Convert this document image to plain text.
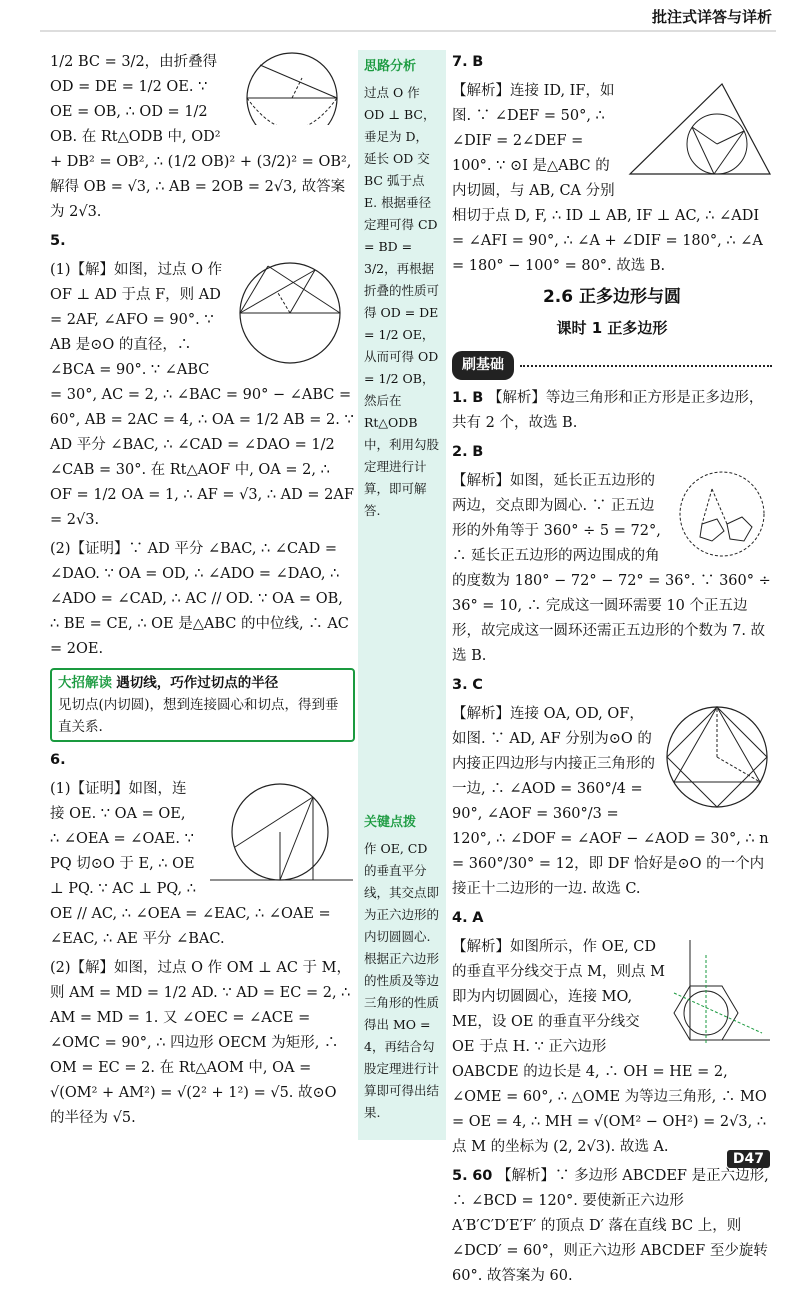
批注式详答与详析

1/2 BC = 3/2，由折叠得 OD = DE = 1/2 OE. ∵ OE = OB, ∴ OD = 1/2 OB. 在 Rt△ODB 中, OD² + DB² = OB², ∴ (1/2 OB)² + (3/2)² = OB², 解得 OB = √3, ∴ AB = 2OB = 2√3, 故答案为 2√3.

5.

(1)【解】如图，过点 O 作 OF ⊥ AD 于点 F，则 AD = 2AF, ∠AFO = 90°. ∵ AB 是⊙O 的直径，∴ ∠BCA = 90°. ∵ ∠ABC = 30°, AC = 2, ∴ ∠BAC = 90° − ∠ABC = 60°, AB = 2AC = 4, ∴ OA = 1/2 AB = 2. ∵ AD 平分 ∠BAC, ∴ ∠CAD = ∠DAO = 1/2 ∠CAB = 30°. 在 Rt△AOF 中, OA = 2, ∴ OF = 1/2 OA = 1, ∴ AF = √3, ∴ AD = 2AF = 2√3.

(2)【证明】∵ AD 平分 ∠BAC, ∴ ∠CAD = ∠DAO. ∵ OA = OD, ∴ ∠ADO = ∠DAO, ∴ ∠ADO = ∠CAD, ∴ AC // OD. ∵ OA = OB, ∴ BE = CE, ∴ OE 是△ABC 的中位线, ∴ AC = 2OE.

大招解读 遇切线，巧作过切点的半径
见切点(内切圆)，想到连接圆心和切点，得到垂直关系.

6.

(1)【证明】如图，连接 OE. ∵ OA = OE, ∴ ∠OEA = ∠OAE. ∵ PQ 切⊙O 于 E, ∴ OE ⊥ PQ. ∵ AC ⊥ PQ, ∴ OE // AC, ∴ ∠OEA = ∠EAC, ∴ ∠OAE = ∠EAC, ∴ AE 平分 ∠BAC.

(2)【解】如图，过点 O 作 OM ⊥ AC 于 M，则 AM = MD = 1/2 AD. ∵ AD = EC = 2, ∴ AM = MD = 1. 又 ∠OEC = ∠ACE = ∠OMC = 90°, ∴ 四边形 OECM 为矩形, ∴ OM = EC = 2. 在 Rt△AOM 中, OA = √(OM² + AM²) = √(2² + 1²) = √5. 故⊙O 的半径为 √5.

思路分析
过点 O 作 OD ⊥ BC，垂足为 D，延长 OD 交 BC 弧于点 E. 根据垂径定理可得 CD = BD = 3/2，再根据折叠的性质可得 OD = DE = 1/2 OE，从而可得 OD = 1/2 OB，然后在 Rt△ODB 中，利用勾股定理进行计算，即可解答.
关键点拨
作 OE, CD 的垂直平分线，其交点即为正六边形的内切圆圆心. 根据正六边形的性质及等边三角形的性质得出 MO = 4，再结合勾股定理进行计算即可得出结果.

7. B

【解析】连接 ID, IF，如图. ∵ ∠DEF = 50°, ∴ ∠DIF = 2∠DEF = 100°. ∵ ⊙I 是△ABC 的内切圆，与 AB, CA 分别相切于点 D, F, ∴ ID ⊥ AB, IF ⊥ AC, ∴ ∠ADI = ∠AFI = 90°, ∴ ∠A + ∠DIF = 180°, ∴ ∠A = 180° − 100° = 80°. 故选 B.

2.6 正多边形与圆
课时 1 正多边形
刷基础

1. B 【解析】等边三角形和正方形是正多边形，共有 2 个，故选 B.

2. B

【解析】如图，延长正五边形的两边，交点即为圆心. ∵ 正五边形的外角等于 360° ÷ 5 = 72°, ∴ 延长正五边形的两边围成的角的度数为 180° − 72° − 72° = 36°. ∵ 360° ÷ 36° = 10, ∴ 完成这一圆环需要 10 个正五边形，故完成这一圆环还需正五边形的个数为 7. 故选 B.

3. C

【解析】连接 OA, OD, OF，如图. ∵ AD, AF 分别为⊙O 的内接正四边形与内接正三角形的一边, ∴ ∠AOD = 360°/4 = 90°, ∠AOF = 360°/3 = 120°, ∴ ∠DOF = ∠AOF − ∠AOD = 30°, ∴ n = 360°/30° = 12，即 DF 恰好是⊙O 的一个内接正十二边形的一边. 故选 C.

4. A

【解析】如图所示，作 OE, CD 的垂直平分线交于点 M，则点 M 即为内切圆圆心，连接 MO, ME，设 OE 的垂直平分线交 OE 于点 H. ∵ 正六边形 OABCDE 的边长是 4, ∴ OH = HE = 2, ∠OME = 60°, ∴ △OME 为等边三角形, ∴ MO = OE = 4, ∴ MH = √(OM² − OH²) = 2√3, ∴ 点 M 的坐标为 (2, 2√3). 故选 A.

5. 60 【解析】∵ 多边形 ABCDEF 是正六边形, ∴ ∠BCD = 120°. 要使新正六边形 A′B′C′D′E′F′ 的顶点 D′ 落在直线 BC 上，则 ∠DCD′ = 60°，则正六边形 ABCDEF 至少旋转 60°. 故答案为 60.

D47
